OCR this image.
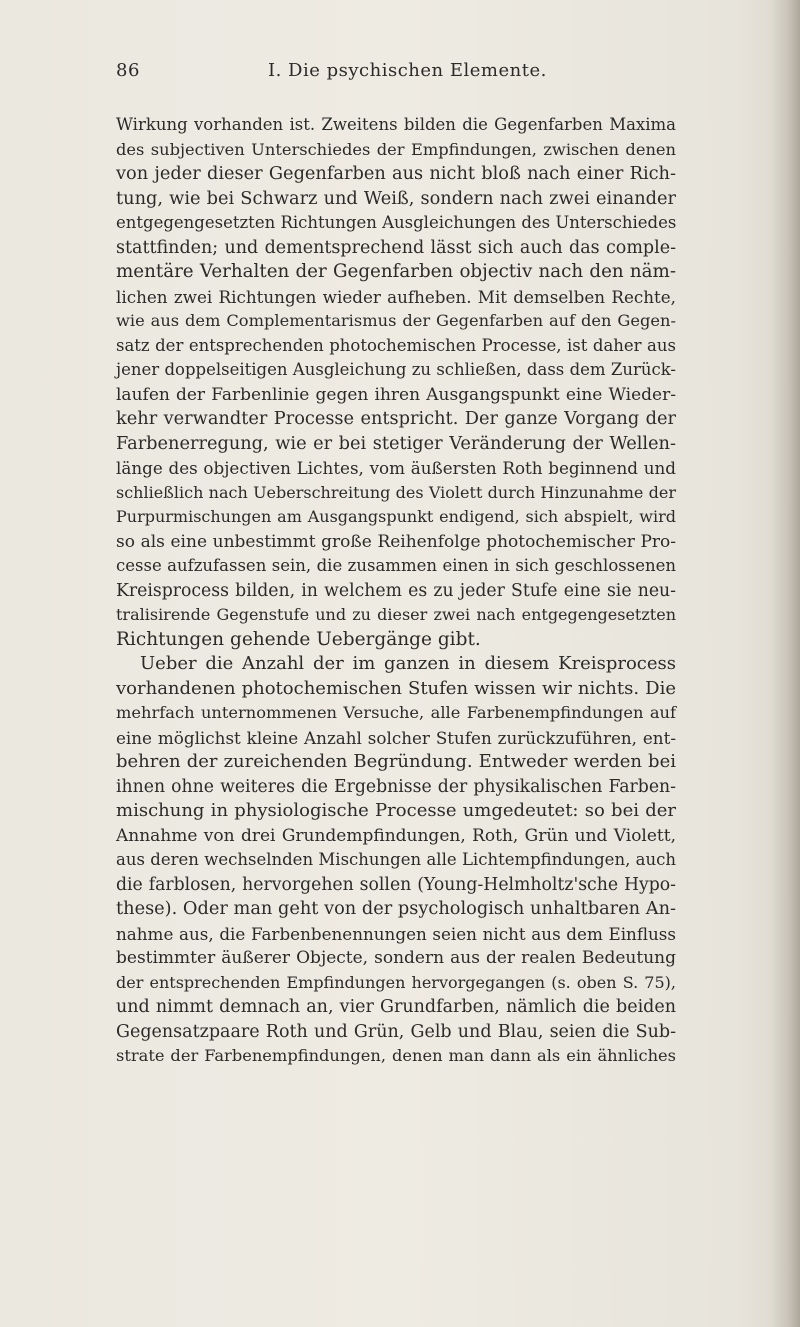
86	I. Die psychischen Elemente.
Wirkung vorhanden ist. Zweitens bilden die Gegenfarben Maxima
des subjectiven Unterschiedes der Empfindungen, zwischen denen
von jeder dieser Gegenfarben aus nicht bloß nach einer Rich-
tung, wie bei Schwarz und Weiß, sondern nach zwei einander
entgegengesetzten Richtungen Ausgleichungen des Unterschiedes
stattfinden; und dementsprechend lässt sich auch das comple-
mentäre Verhalten der Gegenfarben objectiv nach den näm-
lichen zwei Richtungen wieder aufheben. Mit demselben Rechte,
wie aus dem Complementarismus der Gegenfarben auf den Gegen-
satz der entsprechenden photochemischen Processe, ist daher aus
jener doppelseitigen Ausgleichung zu schließen, dass dem Zurück-
laufen der Farbenlinie gegen ihren Ausgangspunkt eine Wieder-
kehr verwandter Processe entspricht. Der ganze Vorgang der
Farbenerregung, wie er bei stetiger Veränderung der Wellen-
länge des objectiven Lichtes, vom äußersten Roth beginnend und
schließlich nach Ueberschreitung des Violett durch Hinzunahme der
Purpurmischungen am Ausgangspunkt endigend, sich abspielt, wird
so als eine unbestimmt große Reihenfolge photochemischer Pro-
cesse aufzufassen sein, die zusammen einen in sich geschlossenen
Kreisprocess bilden, in welchem es zu jeder Stufe eine sie neu-
tralisirende Gegenstufe und zu dieser zwei nach entgegengesetzten
Richtungen gehende Uebergänge gibt.
Ueber die Anzahl der im ganzen in diesem Kreisprocess
vorhandenen photochemischen Stufen wissen wir nichts. Die
mehrfach unternommenen Versuche, alle Farbenempfindungen auf
eine möglichst kleine Anzahl solcher Stufen zurückzuführen, ent-
behren der zureichenden Begründung. Entweder werden bei
ihnen ohne weiteres die Ergebnisse der physikalischen Farben-
mischung in physiologische Processe umgedeutet: so bei der
Annahme von drei Grundempfindungen, Roth, Grün und Violett,
aus deren wechselnden Mischungen alle Lichtempfindungen, auch
die farblosen, hervorgehen sollen (Young-Helmholtz'sche Hypo-
these). Oder man geht von der psychologisch unhaltbaren An-
nahme aus, die Farbenbenennungen seien nicht aus dem Einfluss
bestimmter äußerer Objecte, sondern aus der realen Bedeutung
der entsprechenden Empfindungen hervorgegangen (s. oben S. 75),
und nimmt demnach an, vier Grundfarben, nämlich die beiden
Gegensatzpaare Roth und Grün, Gelb und Blau, seien die Sub-
strate der Farbenempfindungen, denen man dann als ein ähnliches
